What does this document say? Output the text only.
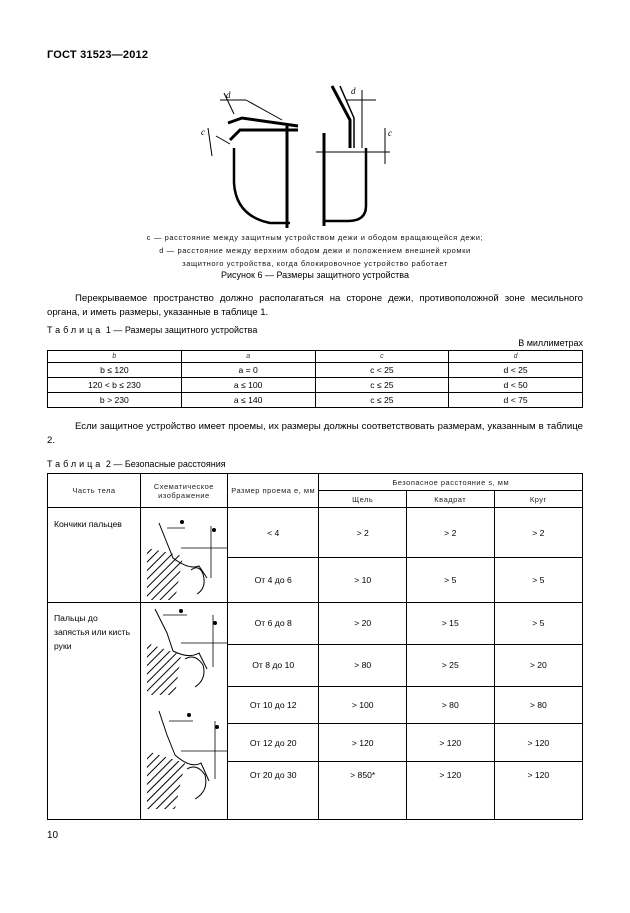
ГОСТ 31523—2012
d
c
d
c
c — расстояние между защитным устройством дежи и ободом вращающейся дежи;
d — расстояние между верхним ободом дежи и положением внешней кромки
защитного устройства, когда блокировочное устройство работает
Рисунок 6 — Размеры защитного устройства
Перекрываемое пространство должно располагаться на стороне дежи, противоположной зоне месильного органа, и иметь размеры, указанные в таблице 1.
Таблица 1 — Размеры защитного устройства
В миллиметрах
b	a	c	d
b ≤ 120	a = 0	c < 25	d < 25
120 < b ≤ 230	a ≤ 100	c ≤ 25	d < 50
b > 230	a ≤ 140	c ≤ 25	d < 75
Если защитное устройство имеет проемы, их размеры должны соответствовать размерам, указанным в таблице 2.
Таблица 2 — Безопасные расстояния
Часть тела	Схематическое изображение	Размер проема e, мм	Безопасное расстояние s, мм		
			Щель	Квадрат	Круг
Кончики пальцев		< 4	> 2	> 2	> 2
		От 4 до 6	> 10	> 5	> 5
Пальцы до запястья или кисть руки		От 6 до 8	> 20	> 15	> 5
		От 8 до 10	> 80	> 25	> 20
		От 10 до 12	> 100	> 80	> 80
		От 12 до 20	> 120	> 120	> 120
		От 20 до 30	> 850*	> 120	> 120
10
